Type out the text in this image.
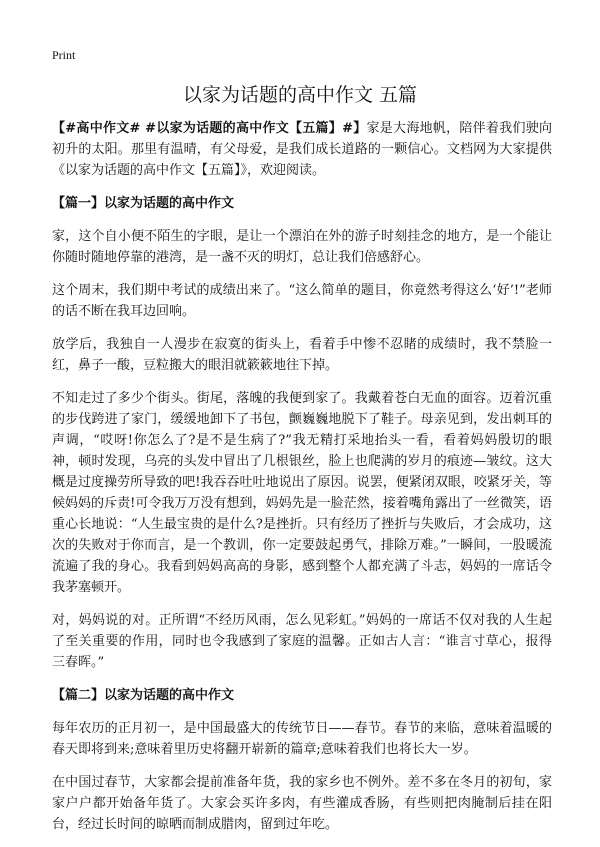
Print
以家为话题的高中作文 五篇

【#高中作文# #以家为话题的高中作文【五篇】#】家是大海地帆，陪伴着我们驶向初升的太阳。那里有温晴，有父母爱，是我们成长道路的一颗信心。文档网为大家提供《以家为话题的高中作文【五篇】》，欢迎阅读。

【篇一】以家为话题的高中作文

家，这个自小便不陌生的字眼，是让一个漂泊在外的游子时刻挂念的地方，是一个能让你随时随地停靠的港湾，是一盏不灭的明灯，总让我们倍感舒心。

这个周末，我们期中考试的成绩出来了。“这么简单的题目，你竟然考得这么‘好’!”老师的话不断在我耳边回响。

放学后，我独自一人漫步在寂寞的街头上，看着手中惨不忍睹的成绩时，我不禁脸一红，鼻子一酸，豆粒搬大的眼泪就簌簌地往下掉。

不知走过了多少个街头。街尾，落魄的我便到家了。我戴着苍白无血的面容。迈着沉重的步伐跨进了家门，缓缓地卸下了书包，颤巍巍地脱下了鞋子。母亲见到，发出刺耳的声调，“哎呀!你怎么了?是不是生病了?”我无精打采地抬头一看，看着妈妈殷切的眼神，顿时发现，乌亮的头发中冒出了几根银丝，脸上也爬满的岁月的痕迹—皱纹。这大概是过度操劳所导致的吧!我吞吞吐吐地说出了原因。说罢，便紧闭双眼，咬紧牙关，等候妈妈的斥责!可令我万万没有想到，妈妈先是一脸茫然，接着嘴角露出了一丝微笑，语重心长地说：“人生最宝贵的是什么?是挫折。只有经历了挫折与失败后，才会成功，这次的失败对于你而言，是一个教训，你一定要鼓起勇气，排除万难。”一瞬间，一股暖流流遍了我的身心。我看到妈妈高高的身影，感到整个人都充满了斗志，妈妈的一席话令我茅塞顿开。

对，妈妈说的对。正所谓“不经历风雨，怎么见彩虹。”妈妈的一席话不仅对我的人生起了至关重要的作用，同时也令我感到了家庭的温馨。正如古人言：“谁言寸草心，报得三春晖。”

【篇二】以家为话题的高中作文

每年农历的正月初一，是中国最盛大的传统节日——春节。春节的来临，意味着温暖的春天即将到来;意味着里历史将翻开崭新的篇章;意味着我们也将长大一岁。

在中国过春节，大家都会提前准备年货，我的家乡也不例外。差不多在冬月的初旬，家家户户都开始备年货了。大家会买许多肉，有些灌成香肠，有些则把肉腌制后挂在阳台，经过长时间的晾晒而制成腊肉，留到过年吃。
